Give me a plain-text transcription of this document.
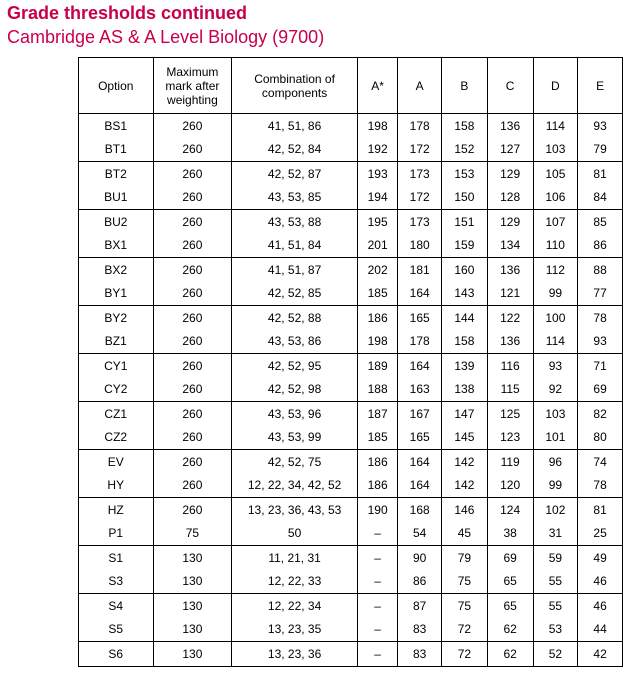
Grade thresholds continued
Cambridge AS & A Level Biology (9700)
Option	Maximum mark after weighting	Combination of components	A*	A	B	C	D	E
BS1	260	41, 51, 86	198	178	158	136	114	93
BT1	260	42, 52, 84	192	172	152	127	103	79
BT2	260	42, 52, 87	193	173	153	129	105	81
BU1	260	43, 53, 85	194	172	150	128	106	84
BU2	260	43, 53, 88	195	173	151	129	107	85
BX1	260	41, 51, 84	201	180	159	134	110	86
BX2	260	41, 51, 87	202	181	160	136	112	88
BY1	260	42, 52, 85	185	164	143	121	99	77
BY2	260	42, 52, 88	186	165	144	122	100	78
BZ1	260	43, 53, 86	198	178	158	136	114	93
CY1	260	42, 52, 95	189	164	139	116	93	71
CY2	260	42, 52, 98	188	163	138	115	92	69
CZ1	260	43, 53, 96	187	167	147	125	103	82
CZ2	260	43, 53, 99	185	165	145	123	101	80
EV	260	42, 52, 75	186	164	142	119	96	74
HY	260	12, 22, 34, 42, 52	186	164	142	120	99	78
HZ	260	13, 23, 36, 43, 53	190	168	146	124	102	81
P1	75	50	–	54	45	38	31	25
S1	130	11, 21, 31	–	90	79	69	59	49
S3	130	12, 22, 33	–	86	75	65	55	46
S4	130	12, 22, 34	–	87	75	65	55	46
S5	130	13, 23, 35	–	83	72	62	53	44
S6	130	13, 23, 36	–	83	72	62	52	42
